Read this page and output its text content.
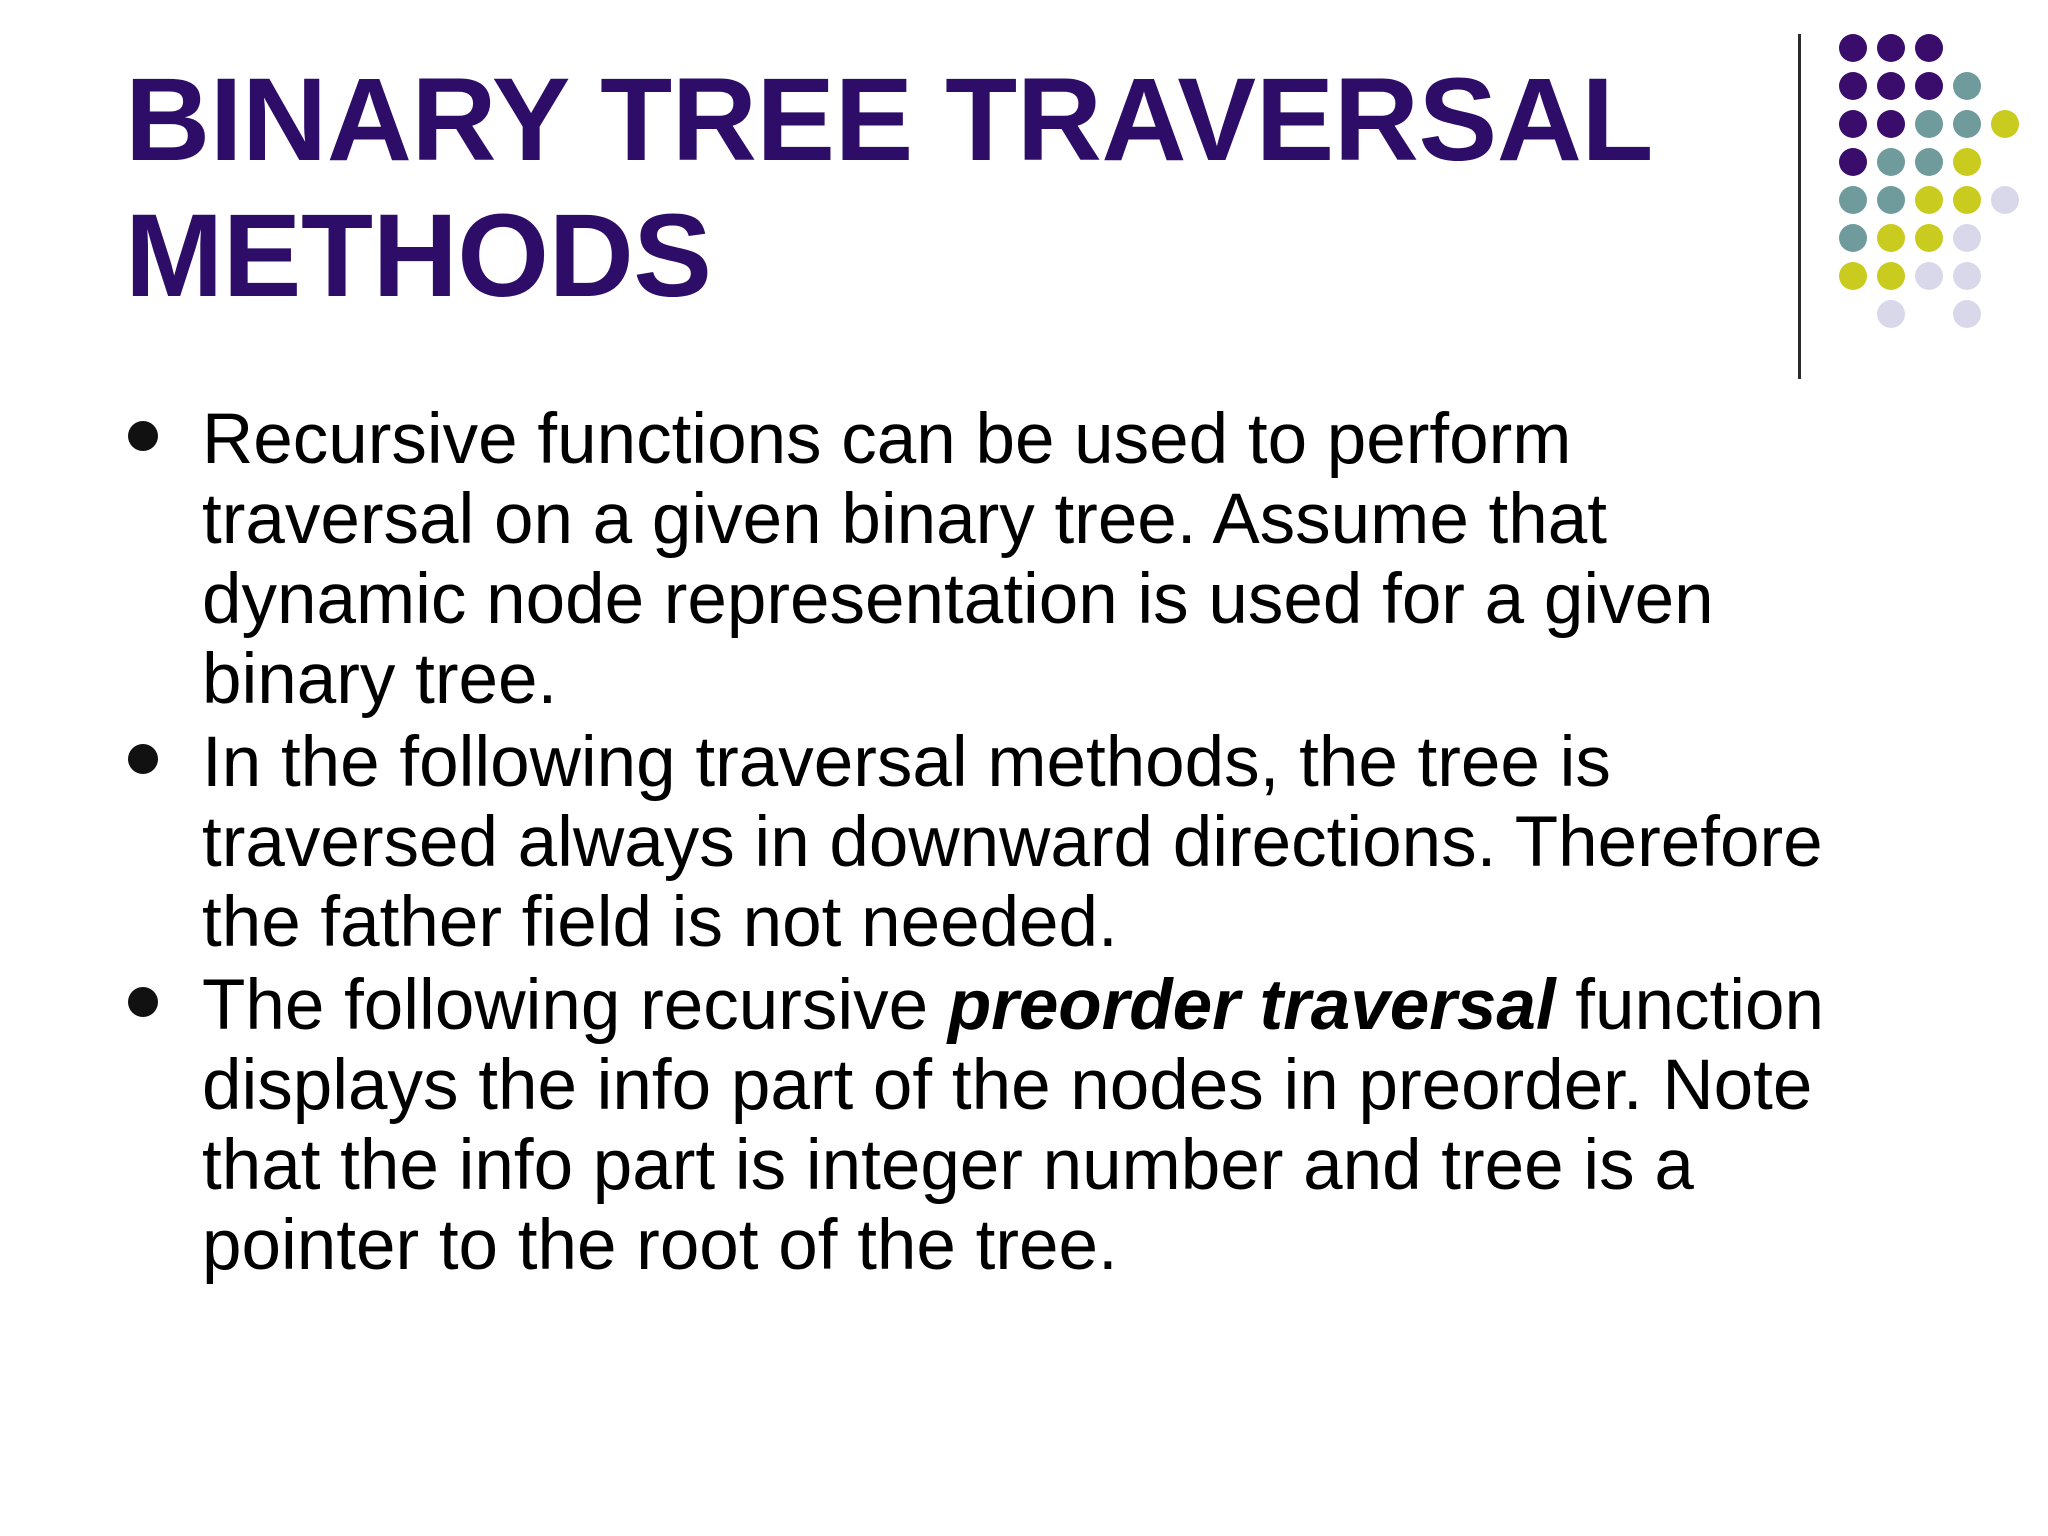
BINARY TREE TRAVERSAL
METHODS
Recursive functions can be used to perform
traversal on a given binary tree. Assume that
dynamic node representation is used for a given
binary tree.
In the following traversal methods, the tree is
traversed always in downward directions. Therefore
the father field is not needed.
The following recursive preorder traversal function
displays the info part of the nodes in preorder. Note
that the info part is integer number and tree is a
pointer to the root of the tree.
